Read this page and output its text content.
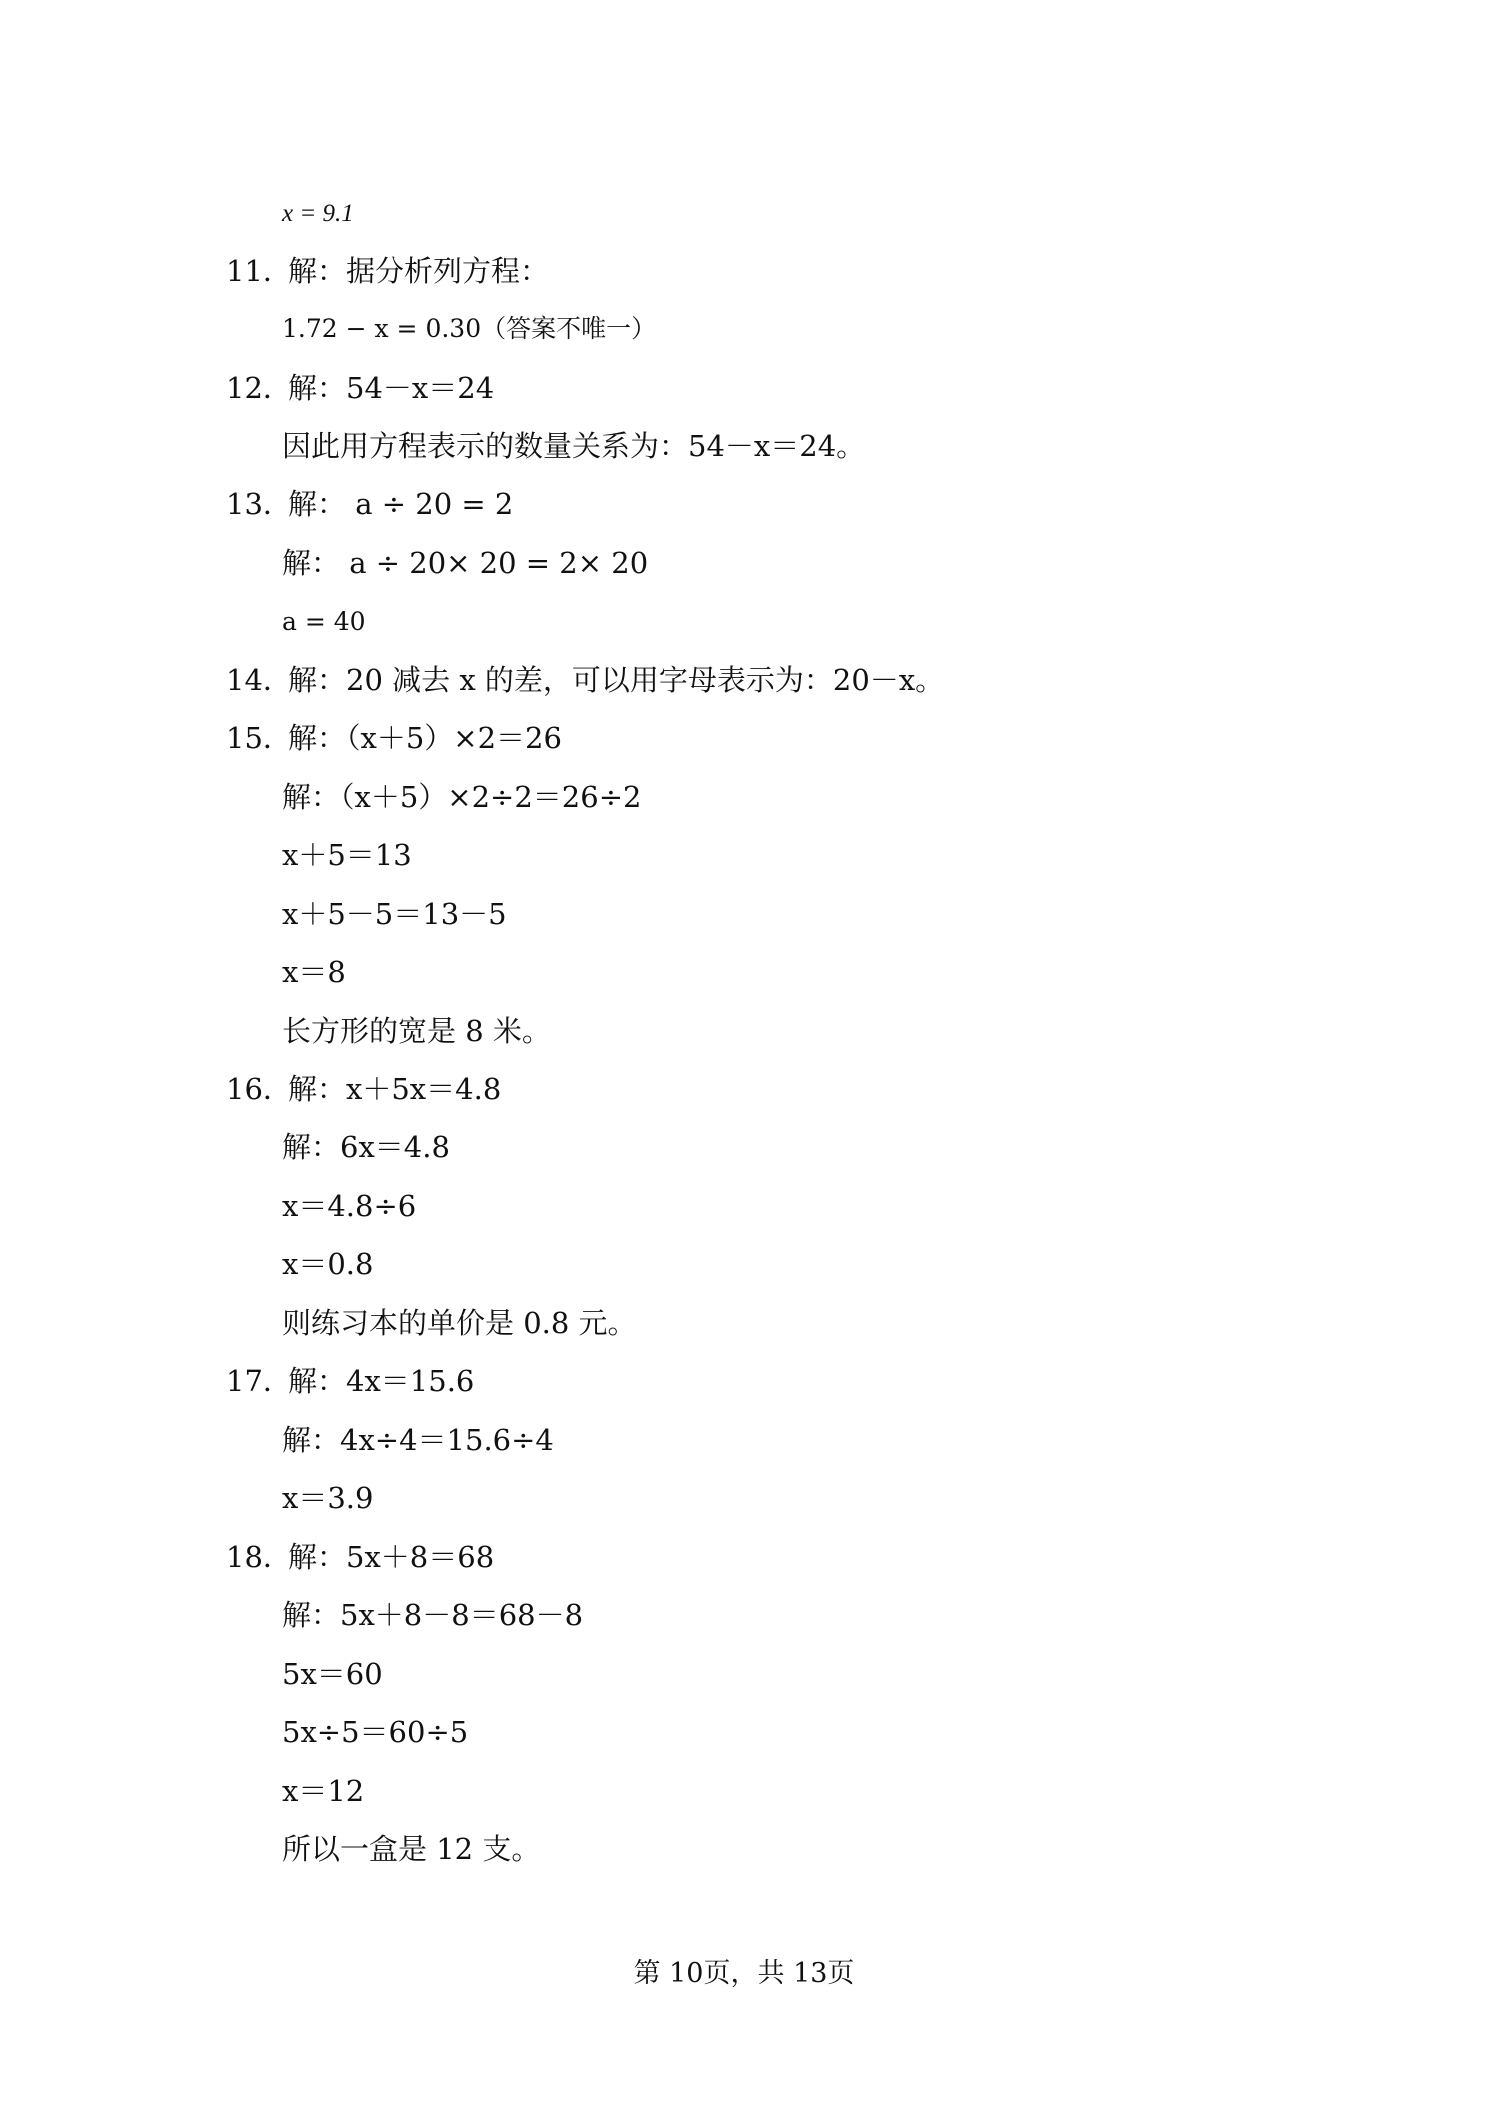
x = 9.1
11．解：据分析列方程：
1.72 − x = 0.30（答案不唯一）
12．解：54－x＝24
因此用方程表示的数量关系为：54－x＝24。
13．解： a ÷ 20 = 2
解： a ÷ 20× 20 = 2× 20
a = 40
14．解：20 减去 x 的差，可以用字母表示为：20－x。
15．解：（x＋5）×2＝26
解：（x＋5）×2÷2＝26÷2
x＋5＝13
x＋5－5＝13－5
x＝8
长方形的宽是 8 米。
16．解：x＋5x＝4.8
解：6x＝4.8
x＝4.8÷6
x＝0.8
则练习本的单价是 0.8 元。
17．解：4x＝15.6
解：4x÷4＝15.6÷4
x＝3.9
18．解：5x＋8＝68
解：5x＋8－8＝68－8
5x＝60
5x÷5＝60÷5
x＝12
所以一盒是 12 支。
第 10页，共 13页
